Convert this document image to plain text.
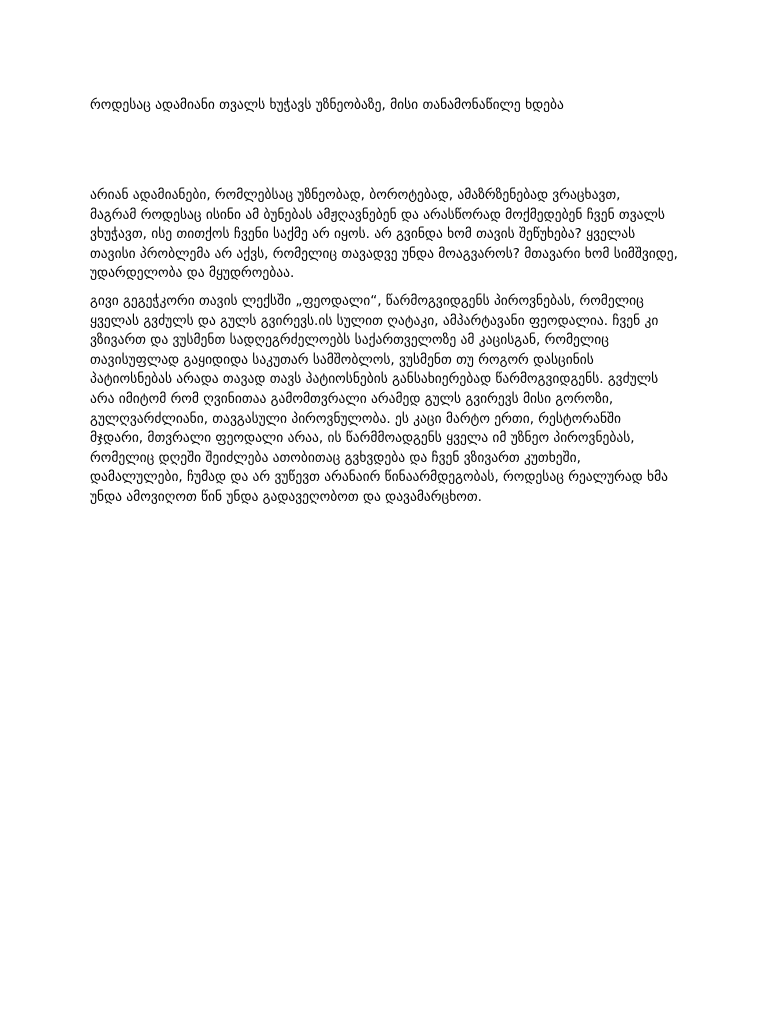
როდესაც ადამიანი თვალს ხუჭავს უზნეობაზე, მისი თანამონაწილე ხდება

არიან ადამიანები, რომლებსაც უზნეობად, ბოროტებად, ამაზრზენებად ვრაცხავთ,
მაგრამ როდესაც ისინი ამ ბუნებას ამჟღავნებენ და არასწორად მოქმედებენ ჩვენ თვალს
ვხუჭავთ, ისე თითქოს ჩვენი საქმე არ იყოს. არ გვინდა ხომ თავის შეწუხება? ყველას
თავისი პრობლემა არ აქვს, რომელიც თავადვე უნდა მოაგვაროს? მთავარი ხომ სიმშვიდე,
უდარდელობა და მყუდროებაა.

გივი გეგეჭკორი თავის ლექსში „ფეოდალი“, წარმოგვიდგენს პიროვნებას, რომელიც
ყველას გვძულს და გულს გვირევს.ის სულით ღატაკი, ამპარტავანი ფეოდალია. ჩვენ კი
ვზივართ და ვუსმენთ სადღეგრძელოებს საქართველოზე ამ კაცისგან, რომელიც
თავისუფლად გაყიდიდა საკუთარ სამშობლოს, ვუსმენთ თუ როგორ დასცინის
პატიოსნებას არადა თავად თავს პატიოსნების განსახიერებად წარმოგვიდგენს. გვძულს
არა იმიტომ რომ ღვინითაა გამომთვრალი არამედ გულს გვირევს მისი გოროზი,
გულღვარძლიანი, თავგასული პიროვნულობა. ეს კაცი მარტო ერთი, რესტორანში
მჯდარი, მთვრალი ფეოდალი არაა, ის წარმმოადგენს ყველა იმ უზნეო პიროვნებას,
რომელიც დღეში შეიძლება ათობითაც გვხვდება და ჩვენ ვზივართ კუთხეში,
დამალულები, ჩუმად და არ ვუწევთ არანაირ წინაარმდეგობას, როდესაც რეალურად ხმა
უნდა ამოვიღოთ წინ უნდა გადავეღობოთ და დავამარცხოთ.
